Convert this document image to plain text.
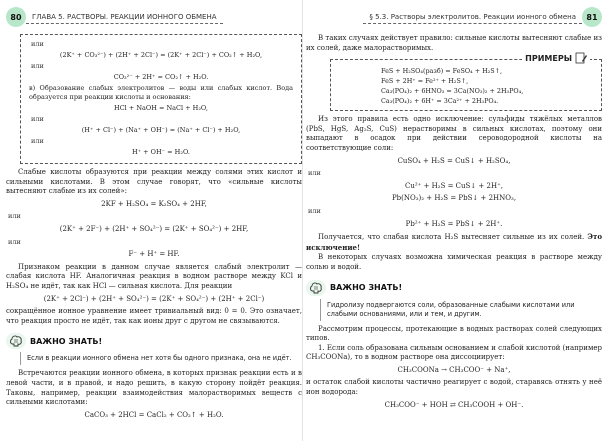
80	ГЛАВА 5. РАСТВОРЫ. РЕАКЦИИ ИОННОГО ОБМЕНА
или
(2K⁺ + CO₃²⁻) + (2H⁺ + 2Cl⁻) = (2K⁺ + 2Cl⁻) + CO₂↑ + H₂O,
или
CO₃²⁻ + 2H⁺ = CO₂↑ + H₂O.

в) Образование слабых электролитов — воды или слабых кислот. Вода образуется при реакции кислоты и основания:

HCl + NaOH = NaCl + H₂O,
или
(H⁺ + Cl⁻) + (Na⁺ + OH⁻) = (Na⁺ + Cl⁻) + H₂O,
или
H⁺ + OH⁻ = H₂O.

Слабые кислоты образуются при реакции между солями этих кислот и сильными кислотами. В этом случае говорят, что «сильные кислоты вытесняют слабые из их солей»:

2KF + H₂SO₄ = K₂SO₄ + 2HF,
или
(2K⁺ + 2F⁻) + (2H⁺ + SO₄²⁻) = (2K⁺ + SO₄²⁻) + 2HF,
или
F⁻ + H⁺ = HF.

Признаком реакции в данном случае является слабый электролит — слабая кислота HF. Аналогичная реакция в водном растворе между KCl и H₂SO₄ не идёт, так как HCl — сильная кислота. Для реакции

(2K⁺ + 2Cl⁻) + (2H⁺ + SO₄²⁻) = (2K⁺ + SO₄²⁻) + (2H⁺ + 2Cl⁻)

сокращённое ионное уравнение имеет тривиальный вид: 0 = 0. Это означает, что реакция просто не идёт, так как ионы друг с другом не связываются.

ВАЖНО ЗНАТЬ!
Если в реакции ионного обмена нет хотя бы одного признака, она не идёт.

Встречаются реакции ионного обмена, в которых признак реакции есть и в левой части, и в правой, и надо решить, в какую сторону пойдёт реакция. Таковы, например, реакции взаимодействия малорастворимых веществ с сильными кислотами:

CaCO₃ + 2HCl = CaCl₂ + CO₂↑ + H₂O.
§ 5.3. Растворы электролитов. Реакции ионного обмена	81

В таких случаях действует правило: сильные кислоты вытесняют слабые из их солей, даже малорастворимых.

ПРИМЕРЫ
FeS + H₂SO₄(разб) = FeSO₄ + H₂S↑,
FeS + 2H⁺ = Fe²⁺ + H₂S↑,
Ca₃(PO₄)₂ + 6HNO₃ = 3Ca(NO₃)₂ + 2H₃PO₄,
Ca₃(PO₄)₂ + 6H⁺ = 3Ca²⁺ + 2H₃PO₄.

Из этого правила есть одно исключение: сульфиды тяжёлых металлов (PbS, HgS, Ag₂S, CuS) нерастворимы в сильных кислотах, поэтому они выпадают в осадок при действии сероводородной кислоты на соответствующие соли:

CuSO₄ + H₂S = CuS↓ + H₂SO₄,
или
Cu²⁺ + H₂S = CuS↓ + 2H⁺,
Pb(NO₃)₂ + H₂S = PbS↓ + 2HNO₃,
или
Pb²⁺ + H₂S = PbS↓ + 2H⁺.

Получается, что слабая кислота H₂S вытесняет сильные из их солей. Это исключение!

В некоторых случаях возможна химическая реакция в растворе между солью и водой.

ВАЖНО ЗНАТЬ!
Гидролизу подвергаются соли, образованные слабыми кислотами или слабыми основаниями, или и тем, и другим.

Рассмотрим процессы, протекающие в водных растворах солей следующих типов.

1. Если соль образована сильным основанием и слабой кислотой (например CH₃COONa), то в водном растворе она диссоциирует:

CH₃COONa → CH₃COO⁻ + Na⁺,

и остаток слабой кислоты частично реагирует с водой, старавясь отнять у неё ион водорода:

CH₃COO⁻ + HOH ⇄ CH₃COOH + OH⁻.
